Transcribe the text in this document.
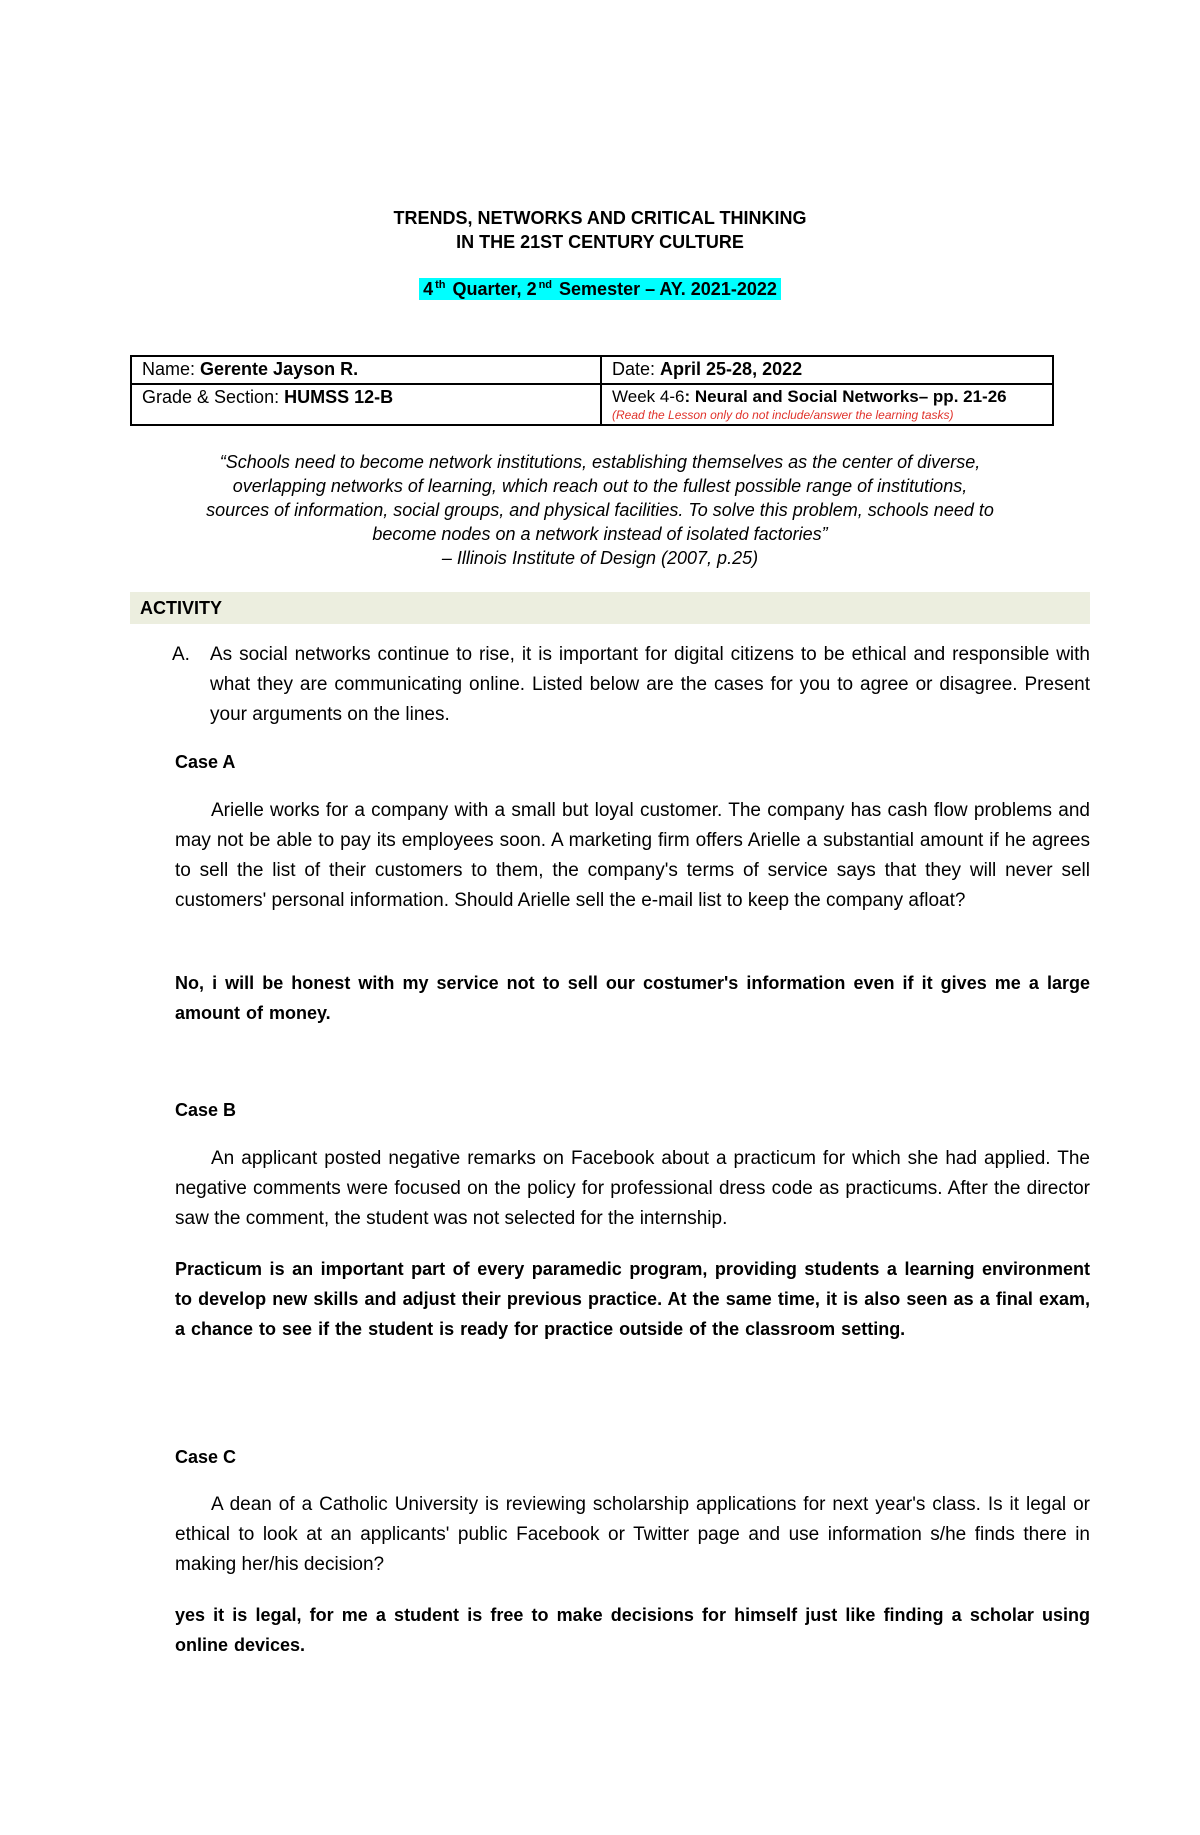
TRENDS, NETWORKS AND CRITICAL THINKING
IN THE 21ST CENTURY CULTURE
4 $^{th}$ Quarter, 2 $^{nd}$ Semester – AY. 2021-2022
Name: Gerente Jayson R.	Date: April 25-28, 2022
Grade & Section: HUMSS 12-B	Week 4-6: Neural and Social Networks– pp. 21-26
(Read the Lesson only do not include/answer the learning tasks)

“Schools need to become network institutions, establishing themselves as the center of diverse,

overlapping networks of learning, which reach out to the fullest possible range of institutions,

sources of information, social groups, and physical facilities. To solve this problem, schools need to

become nodes on a network instead of isolated factories”

– Illinois Institute of Design (2007, p.25)

ACTIVITY
A.	As social networks continue to rise, it is important for digital citizens to be ethical and responsible with what they are communicating online. Listed below are the cases for you to agree or disagree. Present your arguments on the lines.
Case A
Arielle works for a company with a small but loyal customer. The company has cash flow problems and may not be able to pay its employees soon. A marketing firm offers Arielle a substantial amount if he agrees to sell the list of their customers to them, the company's terms of service says that they will never sell customers' personal information. Should Arielle sell the e-mail list to keep the company afloat?
No, i will be honest with my service not to sell our costumer's information even if it gives me a large amount of money.
Case B
An applicant posted negative remarks on Facebook about a practicum for which she had applied. The negative comments were focused on the policy for professional dress code as practicums. After the director saw the comment, the student was not selected for the internship.
Practicum is an important part of every paramedic program, providing students a learning environment to develop new skills and adjust their previous practice. At the same time, it is also seen as a final exam, a chance to see if the student is ready for practice outside of the classroom setting.
Case C
A dean of a Catholic University is reviewing scholarship applications for next year's class. Is it legal or ethical to look at an applicants' public Facebook or Twitter page and use information s/he finds there in making her/his decision?
yes it is legal, for me a student is free to make decisions for himself just like finding a scholar using online devices.
